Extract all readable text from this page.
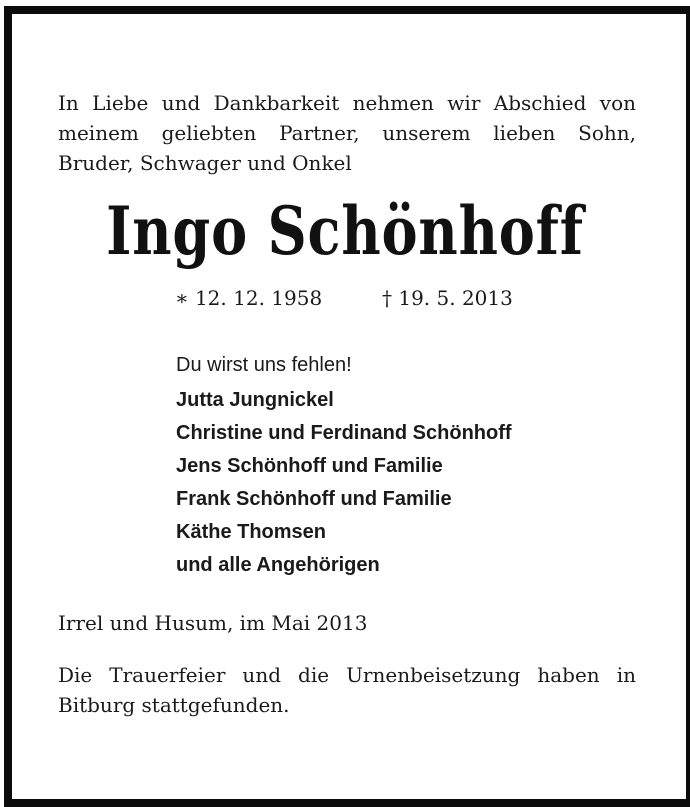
In Liebe und Dankbarkeit nehmen wir Abschied von
meinem geliebten Partner, unserem lieben Sohn,
Bruder, Schwager und Onkel
Ingo Schönhoff
∗ 12. 12. 1958	† 19. 5. 2013
Du wirst uns fehlen!
Jutta Jungnickel
Christine und Ferdinand Schönhoff
Jens Schönhoff und Familie
Frank Schönhoff und Familie
Käthe Thomsen
und alle Angehörigen
Irrel und Husum, im Mai 2013
Die Trauerfeier und die Urnenbeisetzung haben in
Bitburg stattgefunden.
